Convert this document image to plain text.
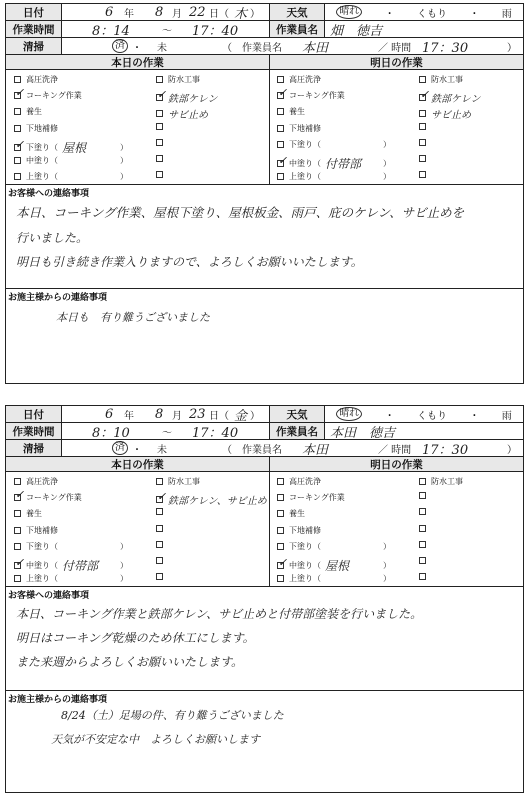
日付	6 年 8 月 22 日（ 木 ）	天気	晴れ	・ くもり ・ 雨
作業時間	8：14	～ 17：40	作業員名 畑　徳吉
清掃	済 ・ 未	（　作業員名 本田	／ 時間 17：30	）
本日の作業	明日の作業
高圧洗浄
✓ コーキング作業
養生
下地補修
✓ 下塗り（ 屋根	）
中塗り（	）
上塗り（	）
防水工事
✓ 鉄部ケレン
サビ止め
高圧洗浄
✓ コーキング作業
養生
下地補修
下塗り（	）
✓ 中塗り（ 付帯部	）
上塗り（	）
防水工事
✓ 鉄部ケレン
サビ止め
お客様への連絡事項
本日、コーキング作業、屋根下塗り、屋根板金、雨戸、庇のケレン、サビ止めを
行いました。
明日も引き続き作業入りますので、よろしくお願いいたします。
お施主様からの連絡事項
本日も　有り難うございました
日付	6 年 8 月 23 日（ 金 ）	天気	晴れ	・ くもり ・ 雨
作業時間	8：10	～ 17：40	作業員名 本田　徳吉
清掃	済 ・ 未	（　作業員名 本田	／ 時間 17：30	）
本日の作業	明日の作業
高圧洗浄
✓ コーキング作業
養生
下地補修
下塗り（	）
✓ 中塗り（ 付帯部	）
上塗り（	）
防水工事
✓ 鉄部ケレン、サビ止め
高圧洗浄
コーキング作業
養生
下地補修
下塗り（	）
✓ 中塗り（ 屋根	）
上塗り（	）
防水工事
お客様への連絡事項
本日、コーキング作業と鉄部ケレン、サビ止めと付帯部塗装を行いました。
明日はコーキング乾燥のため休工にします。
また来週からよろしくお願いいたします。
お施主様からの連絡事項
8/24（土）足場の件、有り難うございました
天気が不安定な中　よろしくお願いします
